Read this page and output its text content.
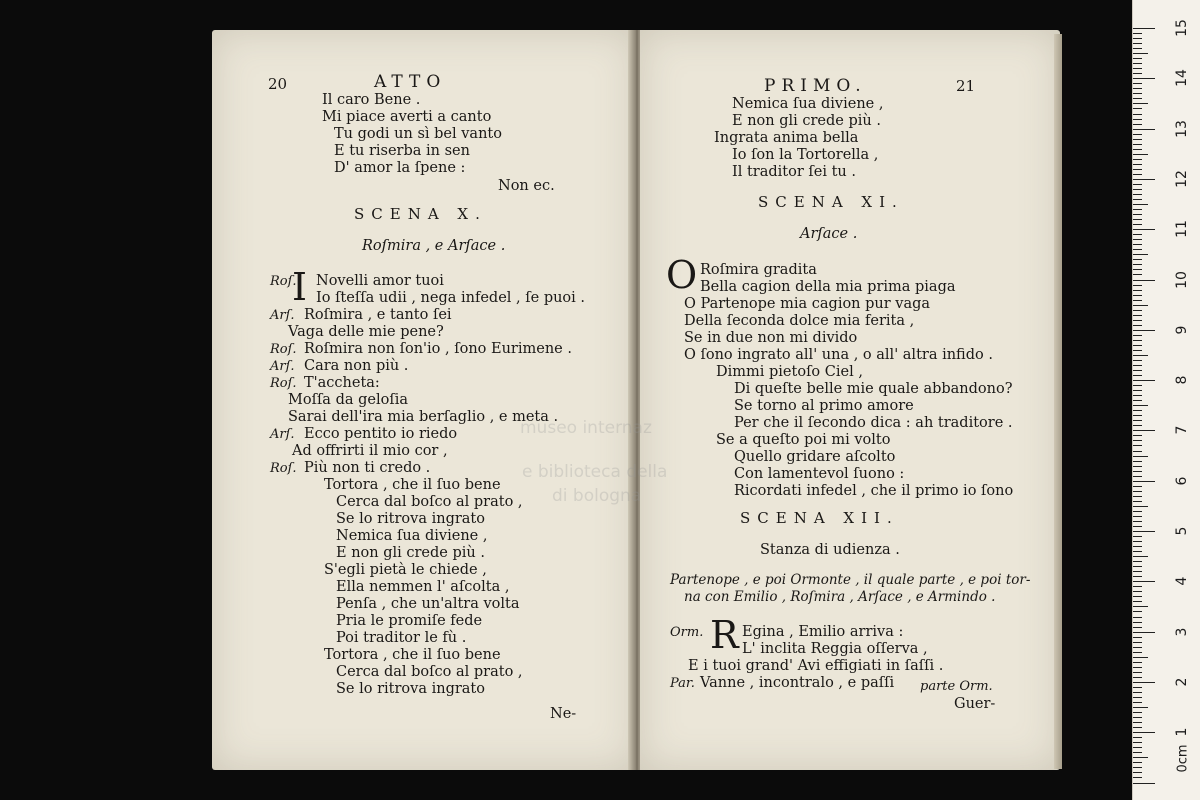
20	ATTO
Il caro Bene .
Mi piace averti a canto
Tu godi un sì bel vanto
E tu riserba in sen
D' amor la ſpene :
Non ec.
SCENA X.
Roſmira , e Arſace .
I
Roſ. Novelli amor tuoi
Io ſteſſa udii , nega infedel , ſe puoi .
Arſ. Roſmira , e tanto ſei
Vaga delle mie pene?
Roſ. Roſmira non ſon'io , ſono Eurimene .
Arſ. Cara non più .
Roſ. T'accheta:
Moſſa da geloſia
Sarai dell'ira mia berſaglio , e meta .
Arſ. Ecco pentito io riedo
Ad offrirti il mio cor ,
Roſ. Più non ti credo .
Tortora , che il ſuo bene
Cerca dal boſco al prato ,
Se lo ritrova ingrato
Nemica ſua diviene ,
E non gli crede più .
S'egli pietà le chiede ,
Ella nemmen l' aſcolta ,
Penſa , che un'altra volta
Pria le promiſe fede
Poi traditor le fù .
Tortora , che il ſuo bene
Cerca dal boſco al prato ,
Se lo ritrova ingrato
Ne-
PRIMO.	21
Nemica ſua diviene ,
E non gli crede più .
Ingrata anima bella
Io ſon la Tortorella ,
Il traditor ſei tu .
SCENA XI.
Arſace .
O Roſmira gradita
Bella cagion della mia prima piaga
O Partenope mia cagion pur vaga
Della ſeconda dolce mia ferita ,
Se in due non mi divido
O ſono ingrato all' una , o all' altra infido .
Dimmi pietoſo Ciel ,
Di queſte belle mie quale abbandono?
Se torno al primo amore
Per che il ſecondo dica : ah traditore .
Se a queſto poi mi volto
Quello gridare aſcolto
Con lamentevol ſuono :
Ricordati infedel , che il primo io ſono
SCENA XII.
Stanza di udienza .
Partenope , e poi Ormonte , il quale parte , e poi tor-
na con Emilio , Roſmira , Arſace , e Armindo .
Orm. R Egina , Emilio arriva :
L' inclita Reggia oſſerva ,
E i tuoi grand' Avi effigiati in ſaſſi .
Par. Vanne , incontralo , e paſſi parte Orm.
Guer-
museo internaz
e biblioteca della
di bologna
0cm
15
14
13
12
11
10
9
8
7
6
5
4
3
2
1
